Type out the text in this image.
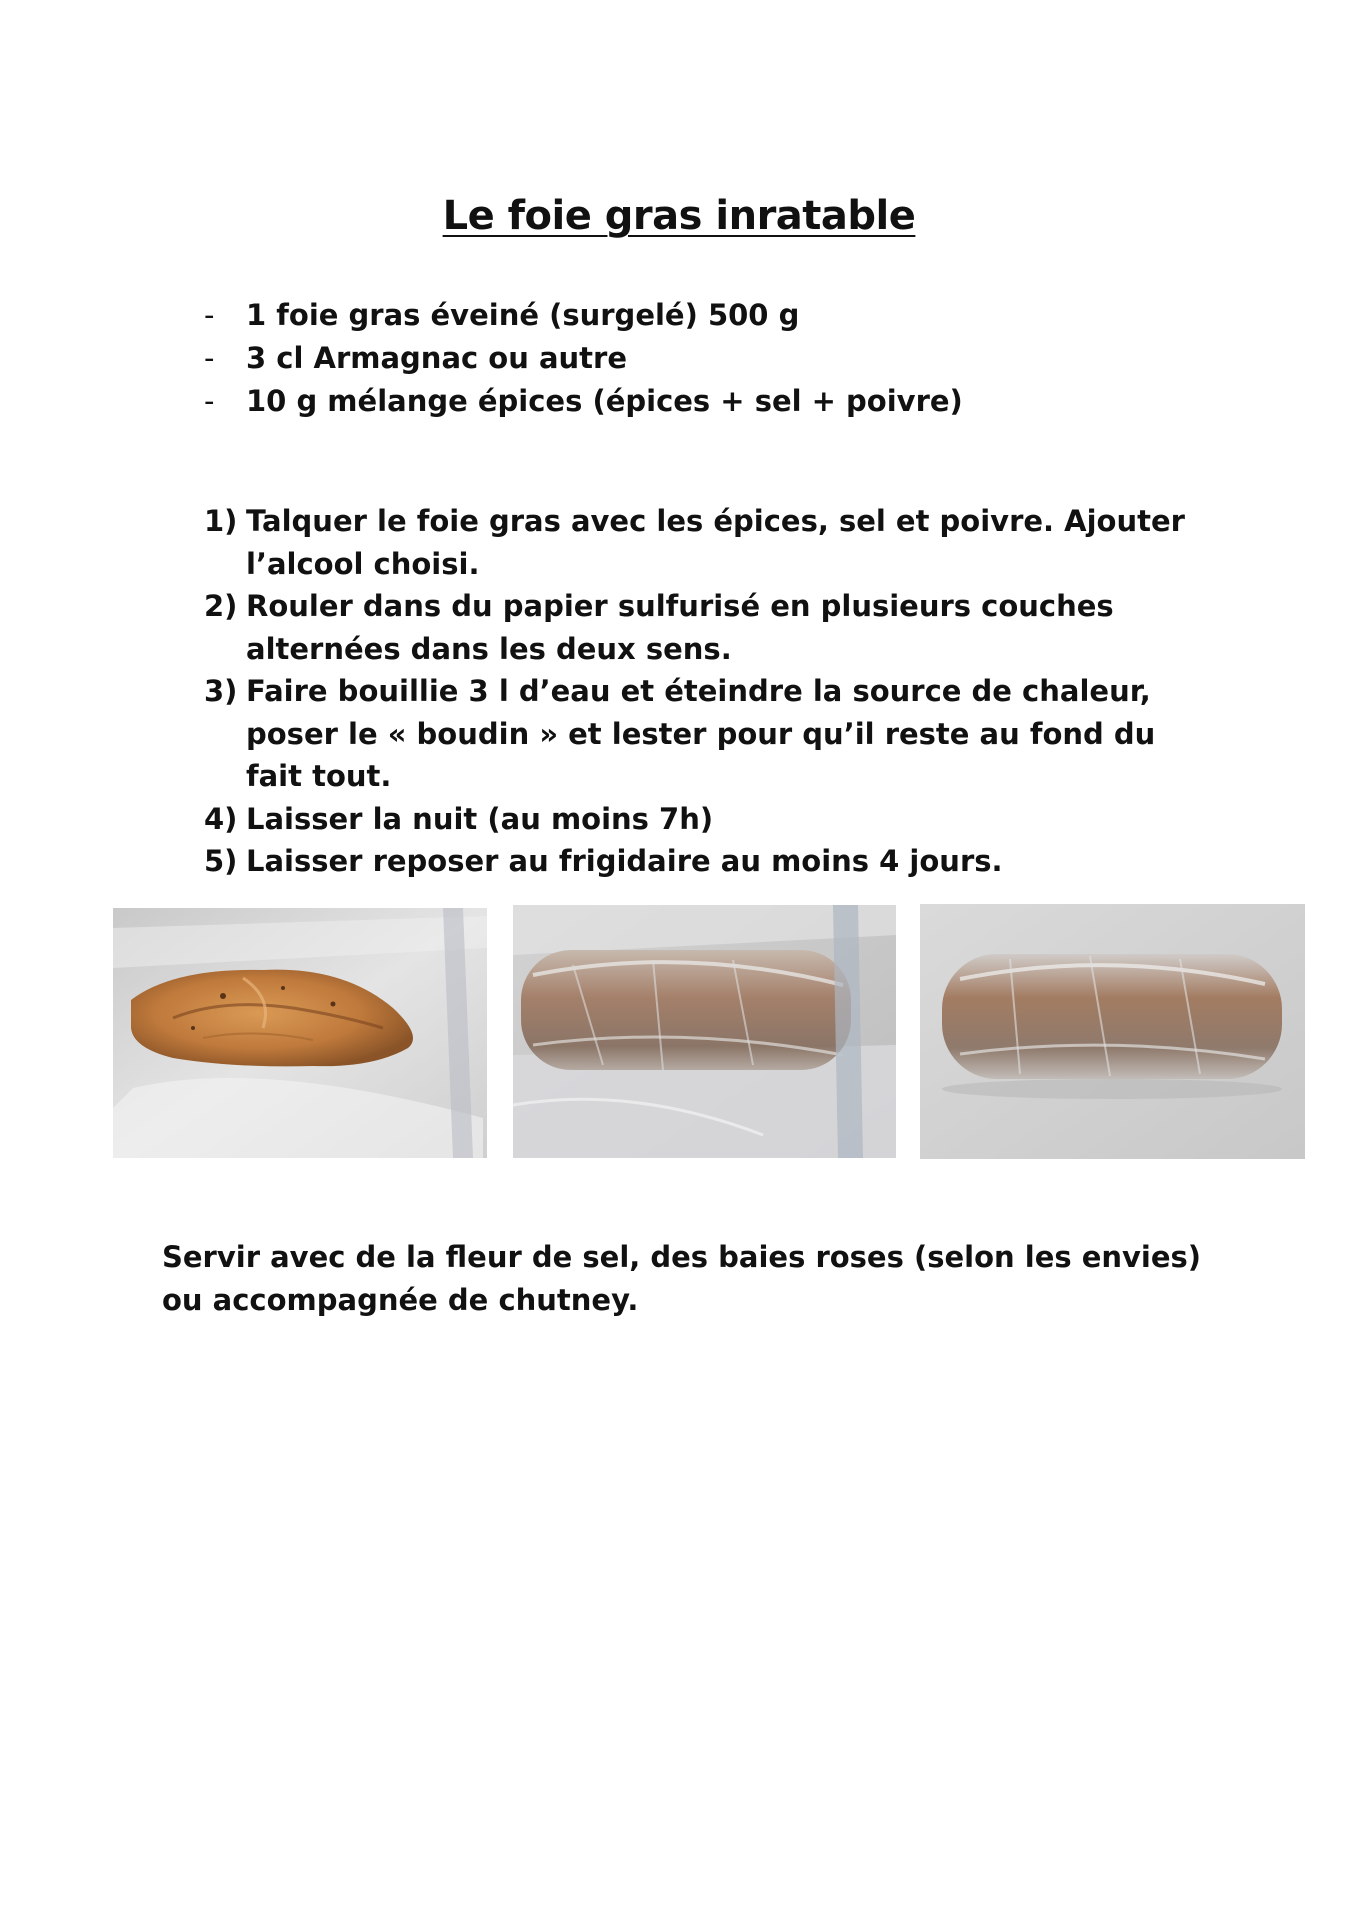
Le foie gras inratable
- 1 foie gras éveiné (surgelé) 500 g
- 3 cl Armagnac ou autre
- 10 g mélange épices (épices + sel + poivre)
1) Talquer le foie gras avec les épices, sel et poivre. Ajouter l’alcool choisi.
2) Rouler dans du papier sulfurisé en plusieurs couches alternées dans les deux sens.
3) Faire bouillie 3 l d’eau et éteindre la source de chaleur, poser le « boudin » et lester pour qu’il reste au fond du fait tout.
4) Laisser la nuit (au moins 7h)
5) Laisser reposer au frigidaire au moins 4 jours.

Servir avec de la fleur de sel, des baies roses (selon les envies) ou accompagnée de chutney.
